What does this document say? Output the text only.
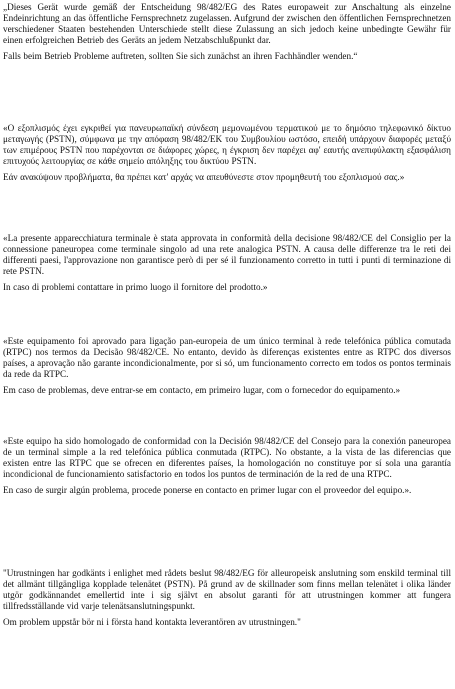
„Dieses Gerät wurde gemäß der Entscheidung 98/482/EG des Rates europaweit zur Anschaltung als einzelne Endeinrichtung an das öffentliche Fernsprechnetz zugelassen. Aufgrund der zwischen den öffentlichen Fernsprechnetzen verschiedener Staaten bestehenden Unterschiede stellt diese Zulassung an sich jedoch keine unbedingte Gewähr für einen erfolgreichen Betrieb des Geräts an jedem Netzabschlußpunkt dar.

Falls beim Betrieb Probleme auftreten, sollten Sie sich zunächst an ihren Fachhändler wenden.“

«Ο εξοπλισμός έχει εγκριθεί για πανευρωπαϊκή σύνδεση μεμονωμένου τερματικού με το δημόσιο τηλεφωνικό δίκτυο μεταγωγής (PSTN), σύμφωνα με την απόφαση 98/482/ΕΚ του Συμβουλίου ωστόσο, επειδή υπάρχουν διαφορές μεταξύ των επιμέρους PSTN που παρέχονται σε διάφορες χώρες, η έγκριση δεν παρέχει αφ' εαυτής ανεπιφύλακτη εξασφάλιση επιτυχούς λειτουργίας σε κάθε σημείο απόληξης του δικτύου PSTN.

Εάν ανακύψουν προβλήματα, θα πρέπει κατ' αρχάς να απευθύνεστε στον προμηθευτή του εξοπλισμού σας.»

«La presente apparecchiatura terminale è stata approvata in conformità della decisione 98/482/CE del Consiglio per la connessione paneuropea come terminale singolo ad una rete analogica PSTN. A causa delle differenze tra le reti dei differenti paesi, l'approvazione non garantisce però di per sé il funzionamento corretto in tutti i punti di terminazione di rete PSTN.

In caso di problemi contattare in primo luogo il fornitore del prodotto.»

«Este equipamento foi aprovado para ligação pan-europeia de um único terminal à rede telefónica pública comutada (RTPC) nos termos da Decisão 98/482/CE. No entanto, devido às diferenças existentes entre as RTPC dos diversos países, a aprovação não garante incondicionalmente, por si só, um funcionamento correcto em todos os pontos terminais da rede da RTPC.

Em caso de problemas, deve entrar-se em contacto, em primeiro lugar, com o fornecedor do equipamento.»

«Este equipo ha sido homologado de conformidad con la Decisión 98/482/CE del Consejo para la conexión paneuropea de un terminal simple a la red telefónica pública conmutada (RTPC). No obstante, a la vista de las diferencias que existen entre las RTPC que se ofrecen en diferentes países, la homologación no constituye por sí sola una garantía incondicional de funcionamiento satisfactorio en todos los puntos de terminación de la red de una RTPC.

En caso de surgir algún problema, procede ponerse en contacto en primer lugar con el proveedor del equipo.».

"Utrustningen har godkänts i enlighet med rådets beslut 98/482/EG för alleuropeisk anslutning som enskild terminal till det allmänt tillgängliga kopplade telenätet (PSTN). På grund av de skillnader som finns mellan telenätet i olika länder utgör godkännandet emellertid inte i sig självt en absolut garanti för att utrustningen kommer att fungera tillfredsställande vid varje telenätsanslutningspunkt.

Om problem uppstår bör ni i första hand kontakta leverantören av utrustningen."
